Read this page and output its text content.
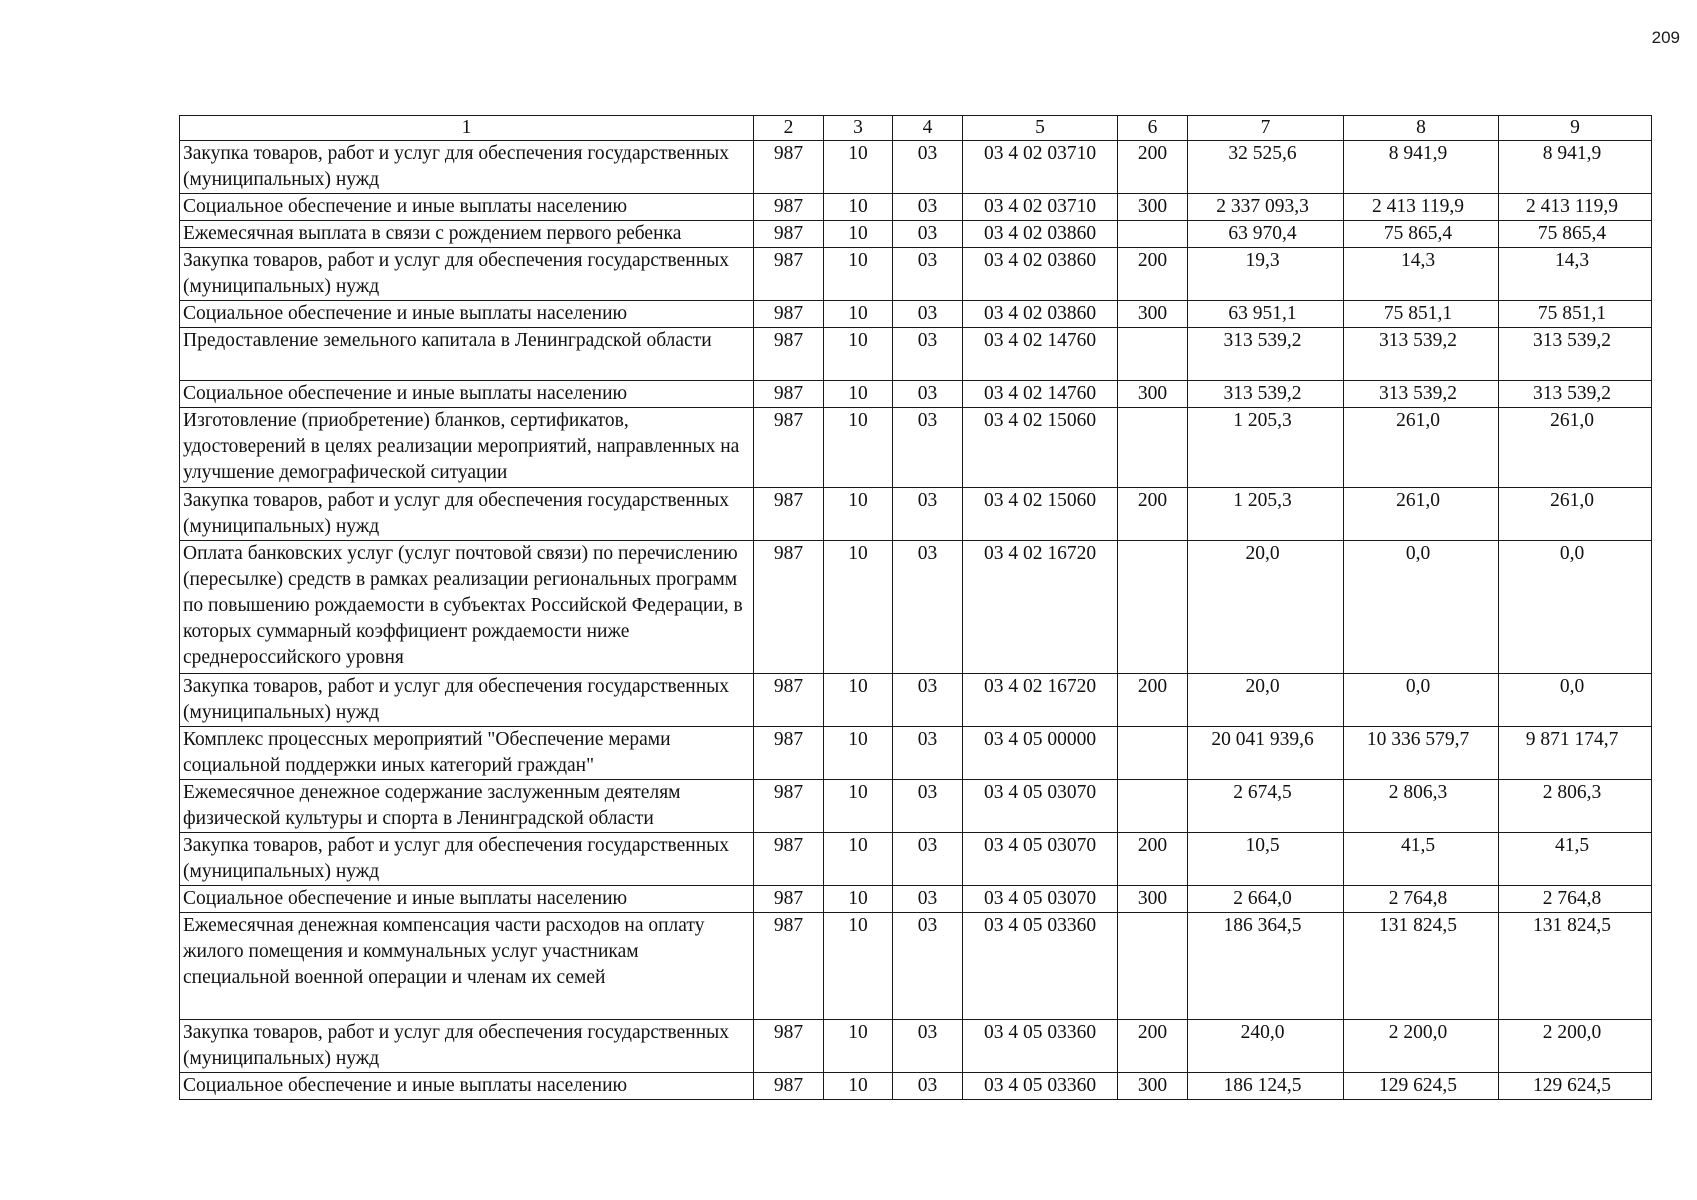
209
1	2	3	4	5	6	7	8	9
Закупка товаров, работ и услуг для обеспечения государственных (муниципальных) нужд	987	10	03	03 4 02 03710	200	32 525,6	8 941,9	8 941,9
Социальное обеспечение и иные выплаты населению	987	10	03	03 4 02 03710	300	2 337 093,3	2 413 119,9	2 413 119,9
Ежемесячная выплата в связи с рождением первого ребенка	987	10	03	03 4 02 03860		63 970,4	75 865,4	75 865,4
Закупка товаров, работ и услуг для обеспечения государственных (муниципальных) нужд	987	10	03	03 4 02 03860	200	19,3	14,3	14,3
Социальное обеспечение и иные выплаты населению	987	10	03	03 4 02 03860	300	63 951,1	75 851,1	75 851,1
Предоставление земельного капитала в Ленинградской области	987	10	03	03 4 02 14760		313 539,2	313 539,2	313 539,2
Социальное обеспечение и иные выплаты населению	987	10	03	03 4 02 14760	300	313 539,2	313 539,2	313 539,2
Изготовление (приобретение) бланков, сертификатов, удостоверений в целях реализации мероприятий, направленных на улучшение демографической ситуации	987	10	03	03 4 02 15060		1 205,3	261,0	261,0
Закупка товаров, работ и услуг для обеспечения государственных (муниципальных) нужд	987	10	03	03 4 02 15060	200	1 205,3	261,0	261,0
Оплата банковских услуг (услуг почтовой связи) по перечислению (пересылке) средств в рамках реализации региональных программ по повышению рождаемости в субъектах Российской Федерации, в которых суммарный коэффициент рождаемости ниже среднероссийского уровня	987	10	03	03 4 02 16720		20,0	0,0	0,0
Закупка товаров, работ и услуг для обеспечения государственных (муниципальных) нужд	987	10	03	03 4 02 16720	200	20,0	0,0	0,0
Комплекс процессных мероприятий "Обеспечение мерами социальной поддержки иных категорий граждан"	987	10	03	03 4 05 00000		20 041 939,6	10 336 579,7	9 871 174,7
Ежемесячное денежное содержание заслуженным деятелям физической культуры и спорта в Ленинградской области	987	10	03	03 4 05 03070		2 674,5	2 806,3	2 806,3
Закупка товаров, работ и услуг для обеспечения государственных (муниципальных) нужд	987	10	03	03 4 05 03070	200	10,5	41,5	41,5
Социальное обеспечение и иные выплаты населению	987	10	03	03 4 05 03070	300	2 664,0	2 764,8	2 764,8
Ежемесячная денежная компенсация части расходов на оплату жилого помещения и коммунальных услуг участникам специальной военной операции и членам их семей	987	10	03	03 4 05 03360		186 364,5	131 824,5	131 824,5
Закупка товаров, работ и услуг для обеспечения государственных (муниципальных) нужд	987	10	03	03 4 05 03360	200	240,0	2 200,0	2 200,0
Социальное обеспечение и иные выплаты населению	987	10	03	03 4 05 03360	300	186 124,5	129 624,5	129 624,5
